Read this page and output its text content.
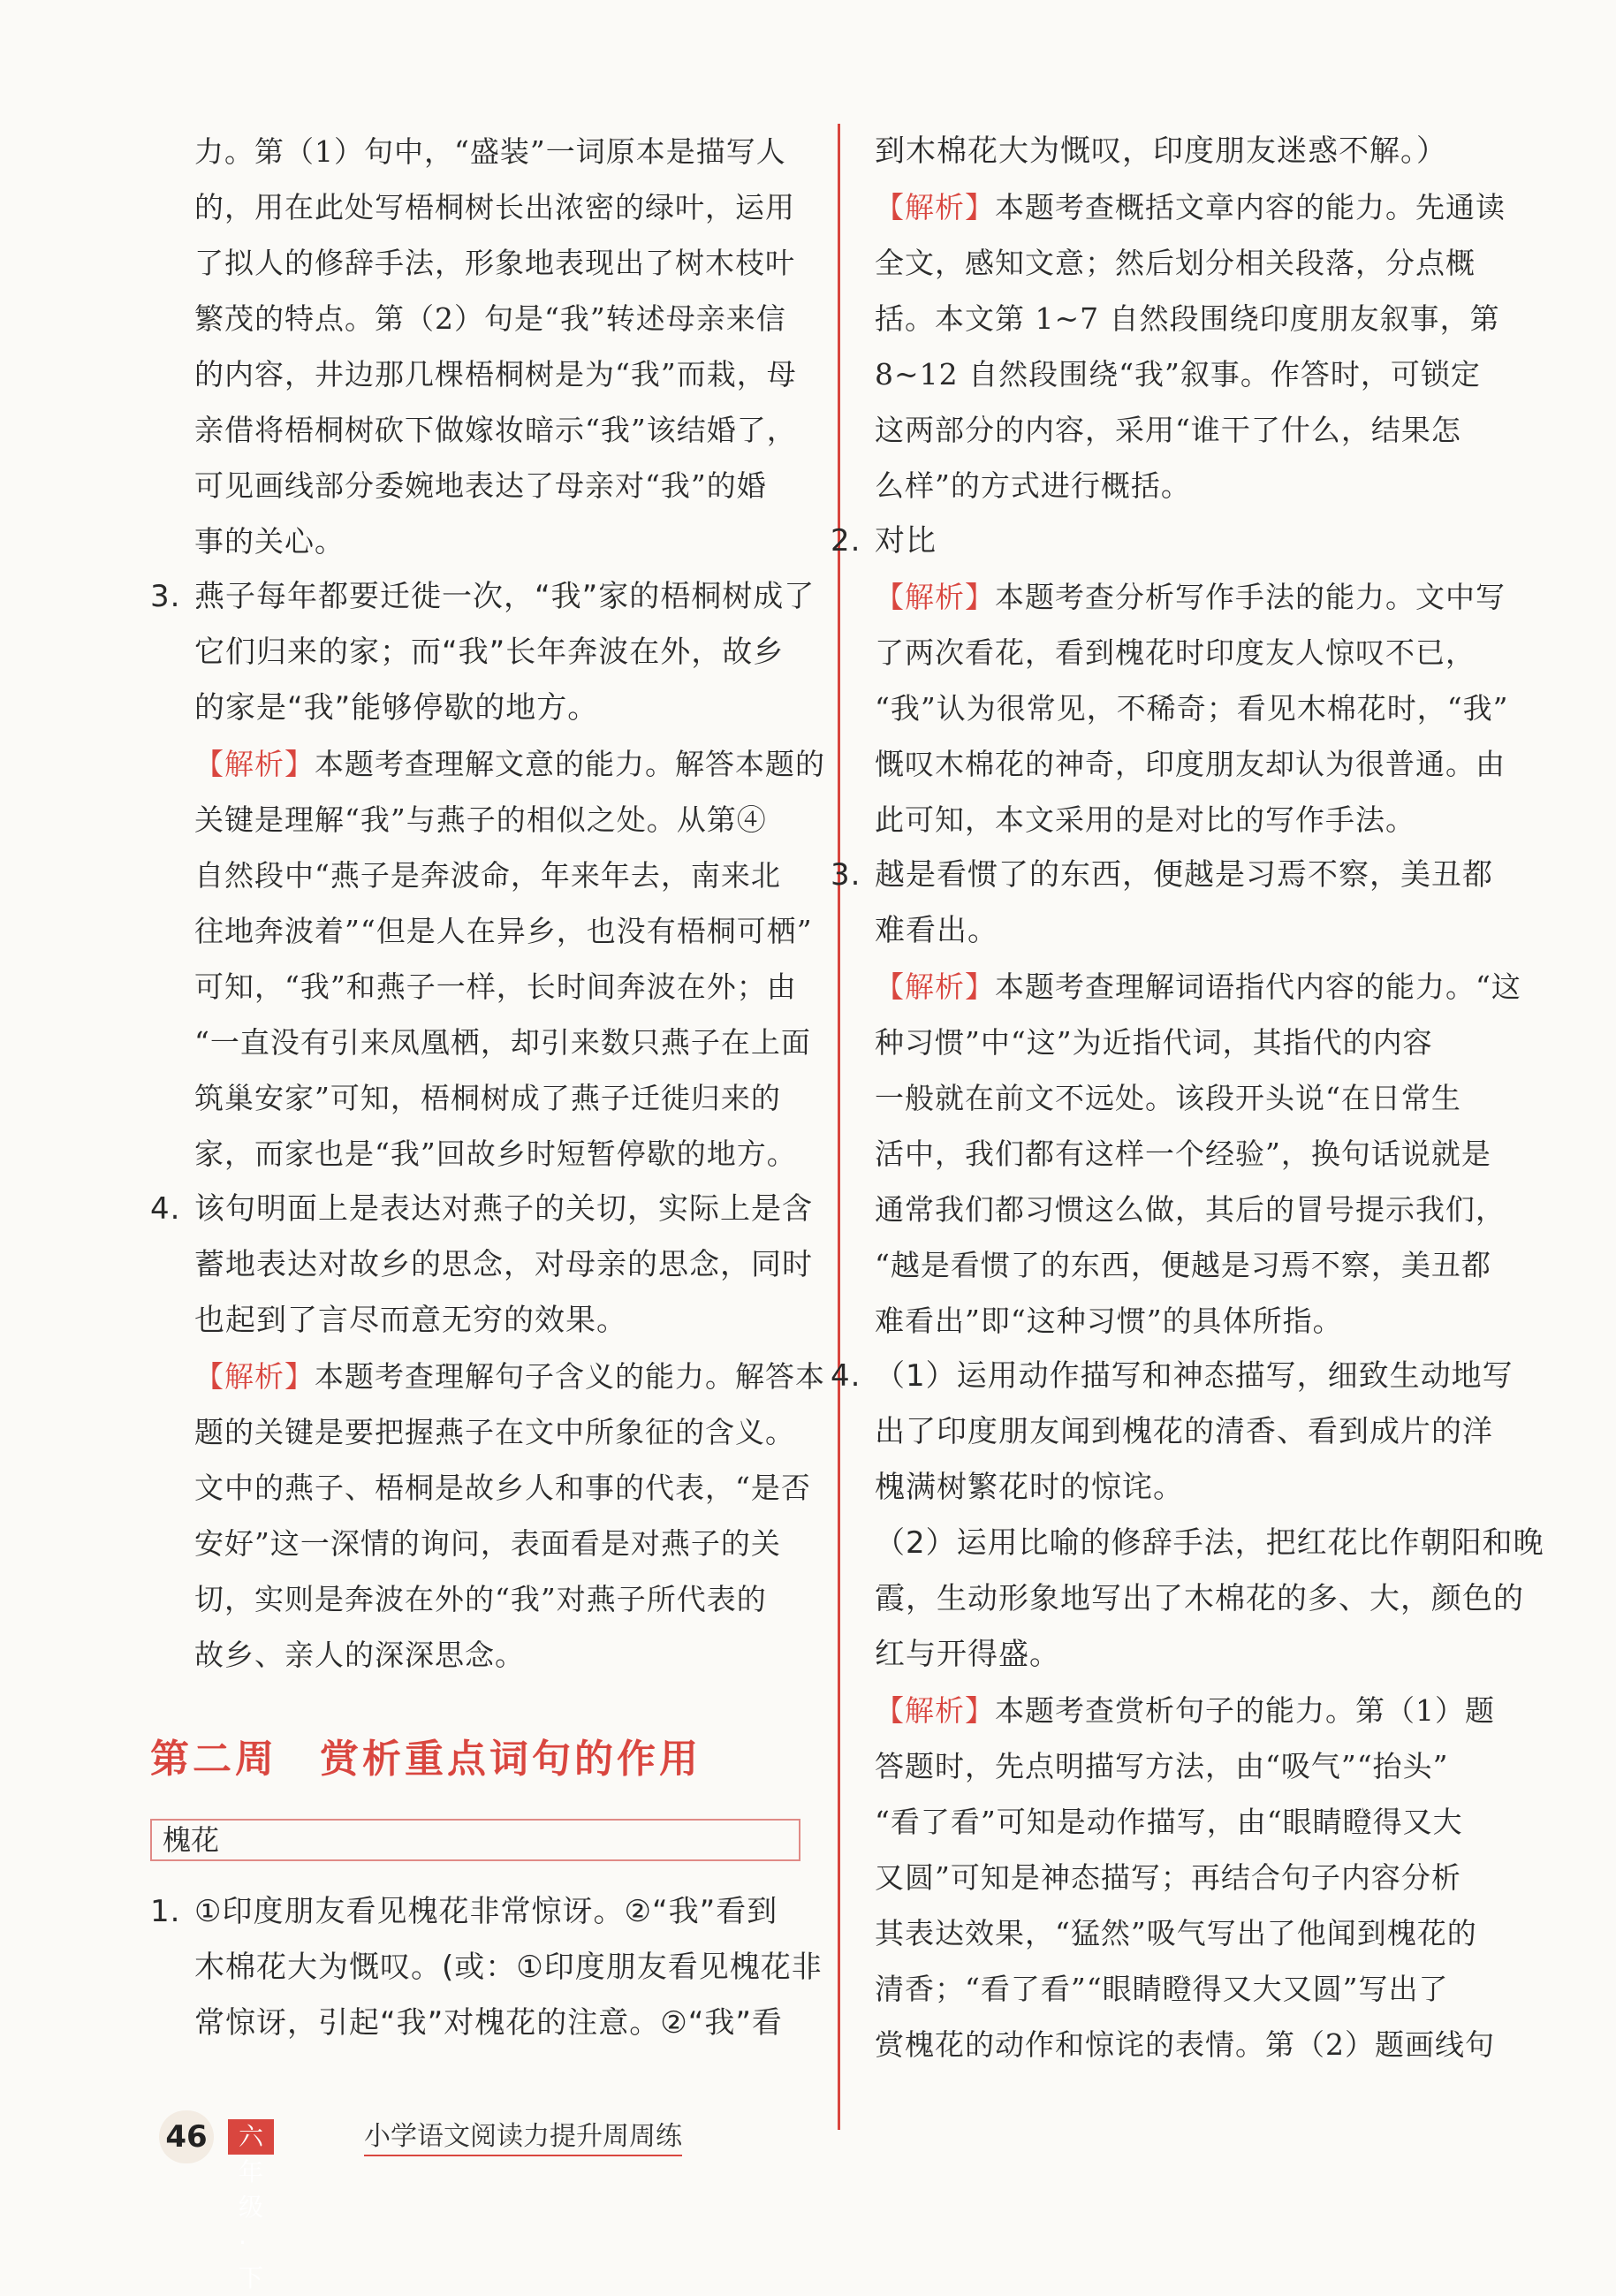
力。第（1）句中，“盛装”一词原本是描写人
的，用在此处写梧桐树长出浓密的绿叶，运用
了拟人的修辞手法，形象地表现出了树木枝叶
繁茂的特点。第（2）句是“我”转述母亲来信
的内容，井边那几棵梧桐树是为“我”而栽，母
亲借将梧桐树砍下做嫁妆暗示“我”该结婚了，
可见画线部分委婉地表达了母亲对“我”的婚
事的关心。
3. 燕子每年都要迁徙一次，“我”家的梧桐树成了
它们归来的家；而“我”长年奔波在外，故乡
的家是“我”能够停歇的地方。
【解析】本题考查理解文意的能力。解答本题的
关键是理解“我”与燕子的相似之处。从第④
自然段中“燕子是奔波命，年来年去，南来北
往地奔波着”“但是人在异乡，也没有梧桐可栖”
可知，“我”和燕子一样，长时间奔波在外；由
“一直没有引来凤凰栖，却引来数只燕子在上面
筑巢安家”可知，梧桐树成了燕子迁徙归来的
家，而家也是“我”回故乡时短暂停歇的地方。
4. 该句明面上是表达对燕子的关切，实际上是含
蓄地表达对故乡的思念，对母亲的思念，同时
也起到了言尽而意无穷的效果。
【解析】本题考查理解句子含义的能力。解答本
题的关键是要把握燕子在文中所象征的含义。
文中的燕子、梧桐是故乡人和事的代表，“是否
安好”这一深情的询问，表面看是对燕子的关
切，实则是奔波在外的“我”对燕子所代表的
故乡、亲人的深深思念。
第二周 赏析重点词句的作用
槐花
1. ①印度朋友看见槐花非常惊讶。②“我”看到
木棉花大为慨叹。(或：①印度朋友看见槐花非
常惊讶，引起“我”对槐花的注意。②“我”看
到木棉花大为慨叹，印度朋友迷惑不解。）
【解析】本题考查概括文章内容的能力。先通读
全文，感知文意；然后划分相关段落，分点概
括。本文第 1~7 自然段围绕印度朋友叙事，第
8~12 自然段围绕“我”叙事。作答时，可锁定
这两部分的内容，采用“谁干了什么，结果怎
么样”的方式进行概括。
2. 对比
【解析】本题考查分析写作手法的能力。文中写
了两次看花，看到槐花时印度友人惊叹不已，
“我”认为很常见，不稀奇；看见木棉花时，“我”
慨叹木棉花的神奇，印度朋友却认为很普通。由
此可知，本文采用的是对比的写作手法。
3. 越是看惯了的东西，便越是习焉不察，美丑都
难看出。
【解析】本题考查理解词语指代内容的能力。“这
种习惯”中“这”为近指代词，其指代的内容
一般就在前文不远处。该段开头说“在日常生
活中，我们都有这样一个经验”，换句话说就是
通常我们都习惯这么做，其后的冒号提示我们，
“越是看惯了的东西，便越是习焉不察，美丑都
难看出”即“这种习惯”的具体所指。
4. （1）运用动作描写和神态描写，细致生动地写
出了印度朋友闻到槐花的清香、看到成片的洋
槐满树繁花时的惊诧。
（2）运用比喻的修辞手法，把红花比作朝阳和晚
霞，生动形象地写出了木棉花的多、大，颜色的
红与开得盛。
【解析】本题考查赏析句子的能力。第（1）题
答题时，先点明描写方法，由“吸气”“抬头”
“看了看”可知是动作描写，由“眼睛瞪得又大
又圆”可知是神态描写；再结合句子内容分析
其表达效果，“猛然”吸气写出了他闻到槐花的
清香；“看了看”“眼睛瞪得又大又圆”写出了
赏槐花的动作和惊诧的表情。第（2）题画线句
46	六年级·下
小学语文阅读力提升周周练
